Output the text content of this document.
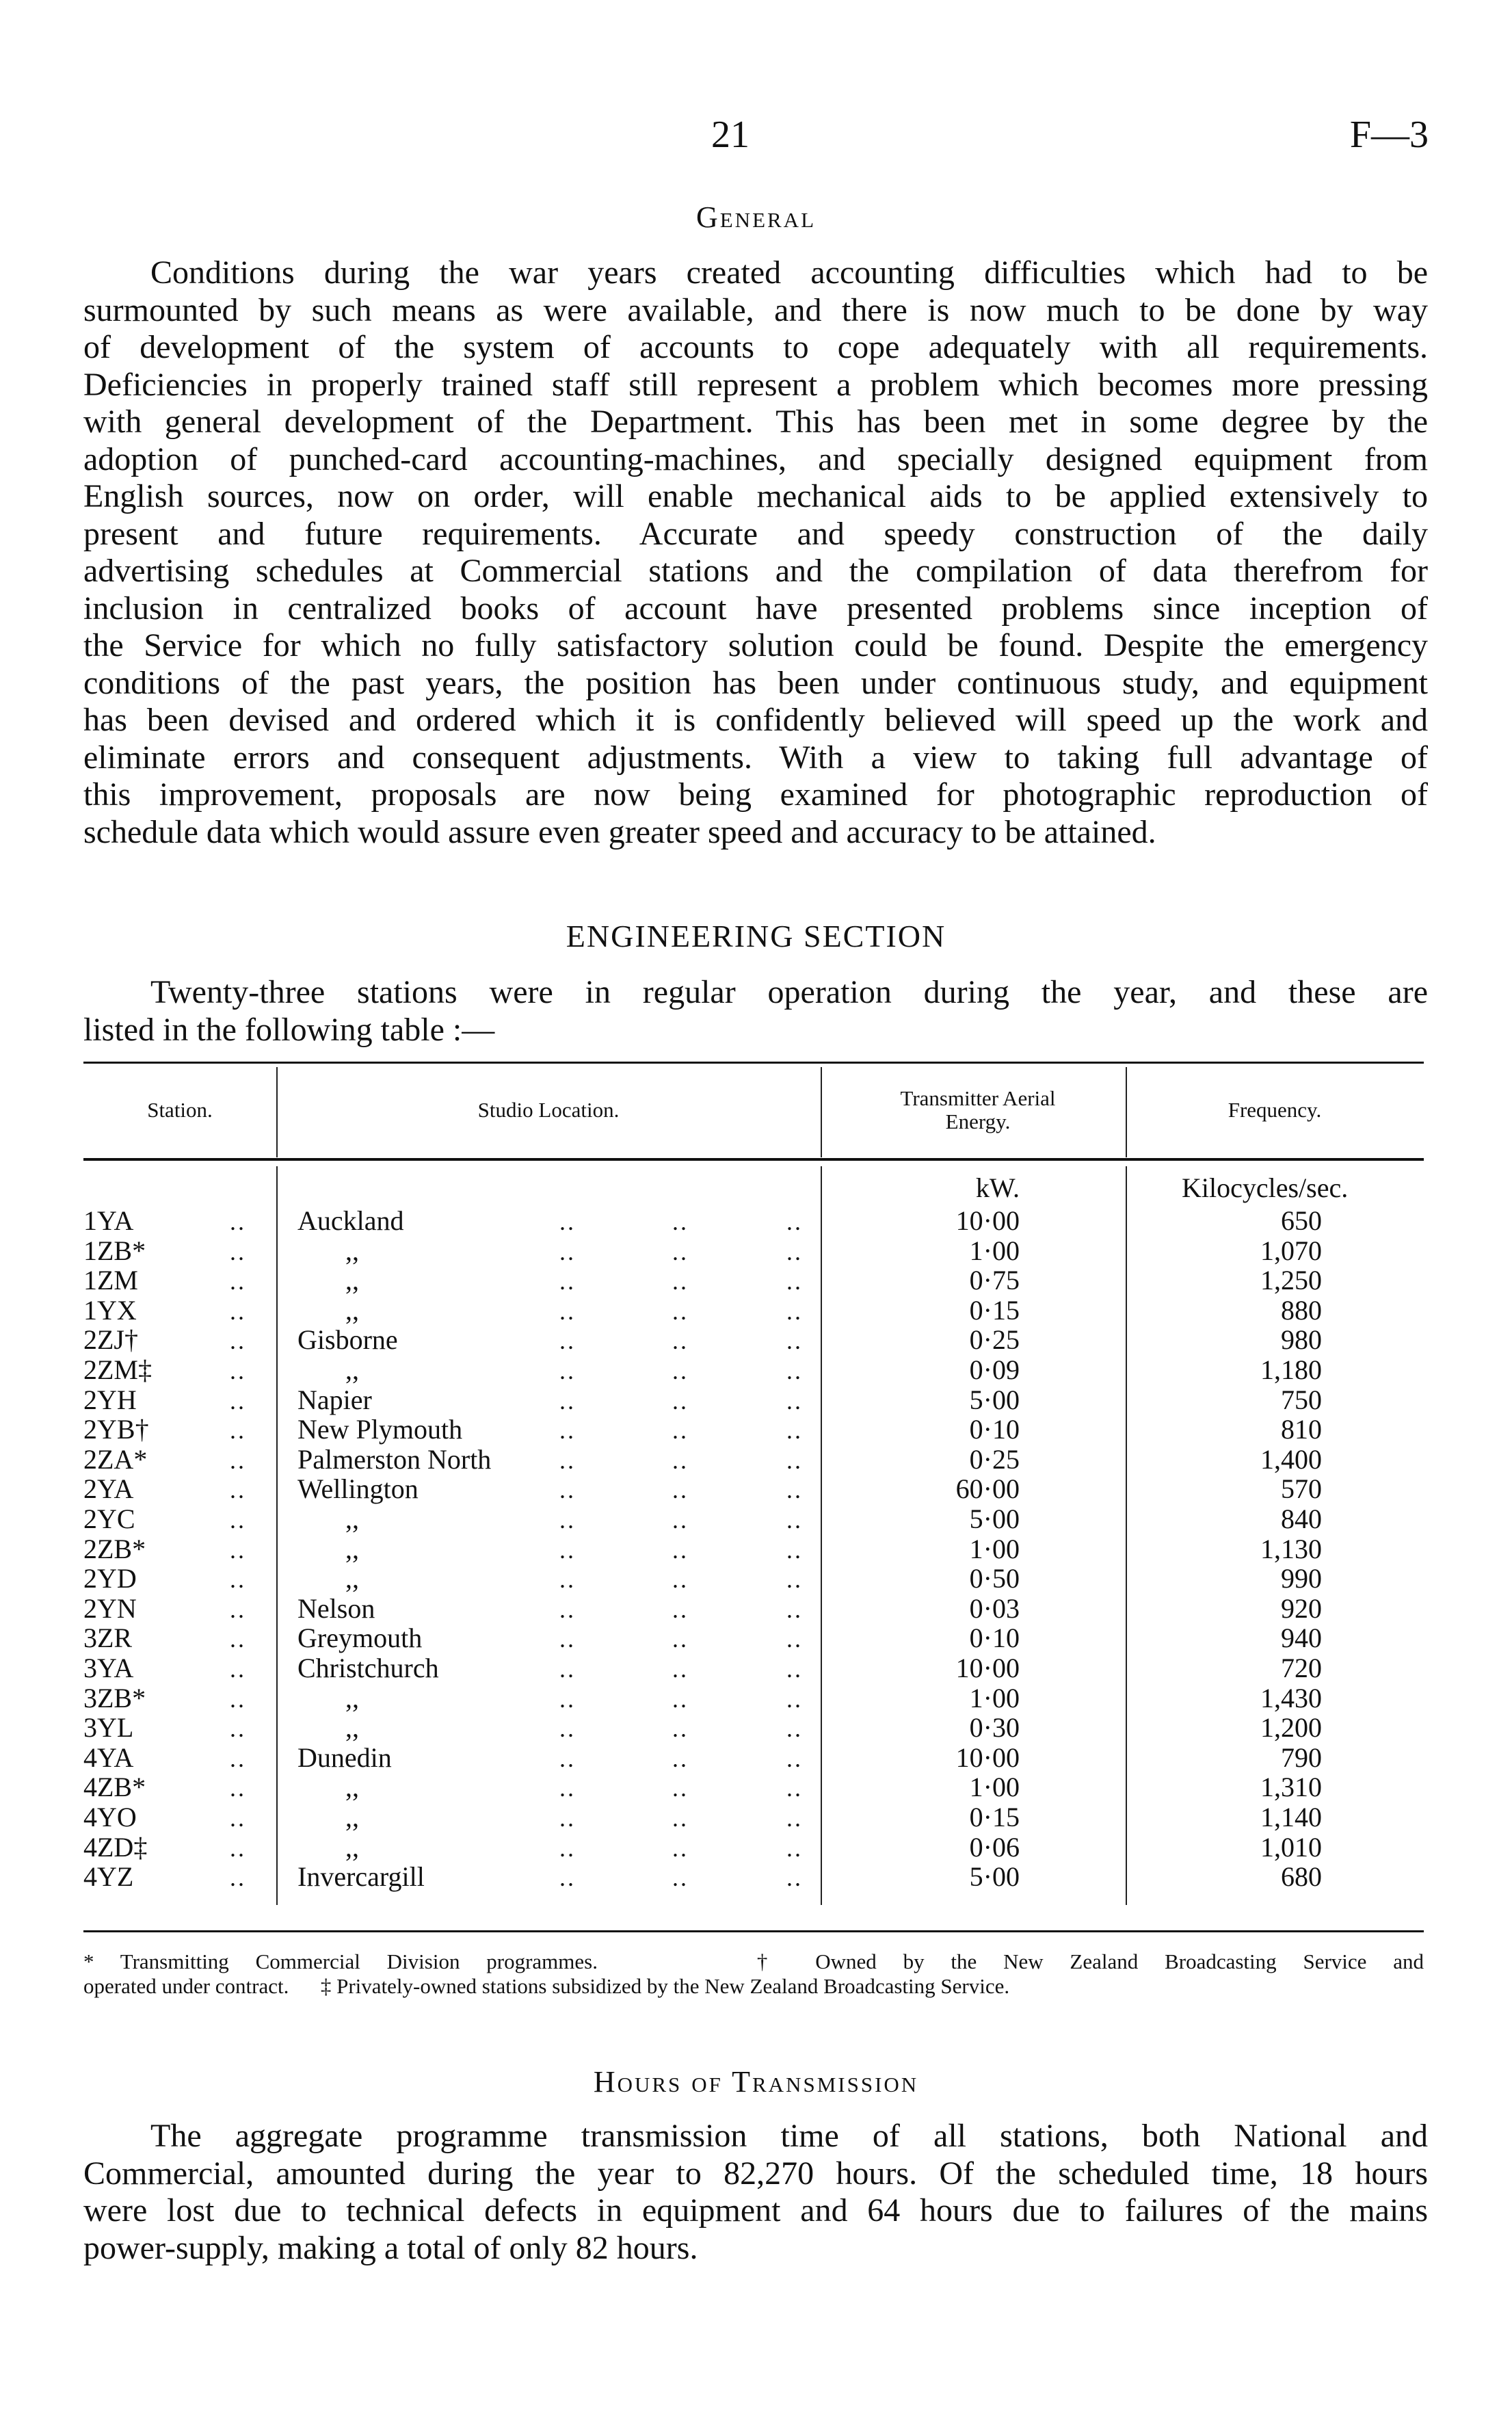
21	F—3
General
Conditions during the war years created accounting difficulties which had to be
surmounted by such means as were available, and there is now much to be done by way
of development of the system of accounts to cope adequately with all requirements.
Deficiencies in properly trained staff still represent a problem which becomes more pressing
with general development of the Department. This has been met in some degree by the
adoption of punched-card accounting-machines, and specially designed equipment from
English sources, now on order, will enable mechanical aids to be applied extensively to
present and future requirements. Accurate and speedy construction of the daily
advertising schedules at Commercial stations and the compilation of data therefrom for
inclusion in centralized books of account have presented problems since inception of
the Service for which no fully satisfactory solution could be found. Despite the emergency
conditions of the past years, the position has been under continuous study, and equipment
has been devised and ordered which it is confidently believed will speed up the work and
eliminate errors and consequent adjustments. With a view to taking full advantage of
this improvement, proposals are now being examined for photographic reproduction of
schedule data which would assure even greater speed and accuracy to be attained.
ENGINEERING SECTION
Twenty-three stations were in regular operation during the year, and these are
listed in the following table :—
Station.	Studio Location.	Transmitter Aerial Energy.	Frequency.
kW.	Kilocycles/sec.
1YA	.. Auckland	..	..	..	10·00	650
1ZB*	..	,,	..	..	..	1·00	1,070
1ZM	..	,,	..	..	..	0·75	1,250
1YX	..	,,	..	..	..	0·15	880
2ZJ†	.. Gisborne	..	..	..	0·25	980
2ZM‡	..	,,	..	..	..	0·09	1,180
2YH	.. Napier	..	..	..	5·00	750
2YB†	.. New Plymouth	..	..	..	0·10	810
2ZA*	.. Palmerston North	..	..	..	0·25	1,400
2YA	.. Wellington	..	..	..	60·00	570
2YC	..	,,	..	..	..	5·00	840
2ZB*	..	,,	..	..	..	1·00	1,130
2YD	..	,,	..	..	..	0·50	990
2YN	.. Nelson	..	..	..	0·03	920
3ZR	.. Greymouth	..	..	..	0·10	940
3YA	.. Christchurch	..	..	..	10·00	720
3ZB*	..	,,	..	..	..	1·00	1,430
3YL	..	,,	..	..	..	0·30	1,200
4YA	.. Dunedin	..	..	..	10·00	790
4ZB*	..	,,	..	..	..	1·00	1,310
4YO	..	,,	..	..	..	0·15	1,140
4ZD‡	..	,,	..	..	..	0·06	1,010
4YZ	.. Invercargill	..	..	..	5·00	680
* Transmitting Commercial Division programmes.      † Owned by the New Zealand Broadcasting Service and
operated under contract.      ‡ Privately-owned stations subsidized by the New Zealand Broadcasting Service.
Hours of Transmission
The aggregate programme transmission time of all stations, both National and
Commercial, amounted during the year to 82,270 hours. Of the scheduled time, 18 hours
were lost due to technical defects in equipment and 64 hours due to failures of the mains
power-supply, making a total of only 82 hours.
